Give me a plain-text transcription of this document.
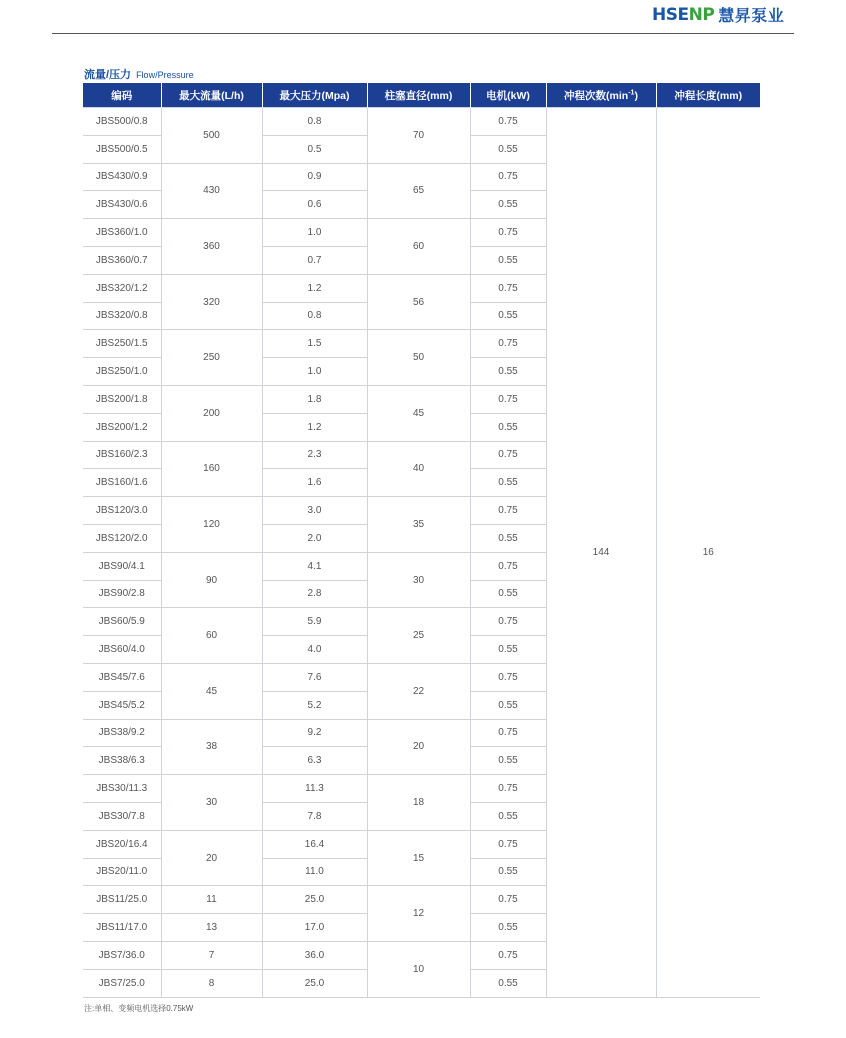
HSENP 慧昇泵业
流量/压力 Flow/Pressure
编码	最大流量(L/h)	最大压力(Mpa)	柱塞直径(mm)	电机(kW)	冲程次数$(\min^{-1})$	冲程长度(mm)
JBS500/0.8	500	0.8	70	0.75	144	16
JBS500/0.5		0.5		0.55		
JBS430/0.9	430	0.9	65	0.75		
JBS430/0.6		0.6		0.55		
JBS360/1.0	360	1.0	60	0.75		
JBS360/0.7		0.7		0.55		
JBS320/1.2	320	1.2	56	0.75		
JBS320/0.8		0.8		0.55		
JBS250/1.5	250	1.5	50	0.75		
JBS250/1.0		1.0		0.55		
JBS200/1.8	200	1.8	45	0.75		
JBS200/1.2		1.2		0.55		
JBS160/2.3	160	2.3	40	0.75		
JBS160/1.6		1.6		0.55		
JBS120/3.0	120	3.0	35	0.75		
JBS120/2.0		2.0		0.55		
JBS90/4.1	90	4.1	30	0.75		
JBS90/2.8		2.8		0.55		
JBS60/5.9	60	5.9	25	0.75		
JBS60/4.0		4.0		0.55		
JBS45/7.6	45	7.6	22	0.75		
JBS45/5.2		5.2		0.55		
JBS38/9.2	38	9.2	20	0.75		
JBS38/6.3		6.3		0.55		
JBS30/11.3	30	11.3	18	0.75		
JBS30/7.8		7.8		0.55		
JBS20/16.4	20	16.4	15	0.75		
JBS20/11.0		11.0		0.55		
JBS11/25.0	11	25.0	12	0.75		
JBS11/17.0	13	17.0		0.55		
JBS7/36.0	7	36.0	10	0.75		
JBS7/25.0	8	25.0		0.55		
注:单相、变频电机选择0.75kW
